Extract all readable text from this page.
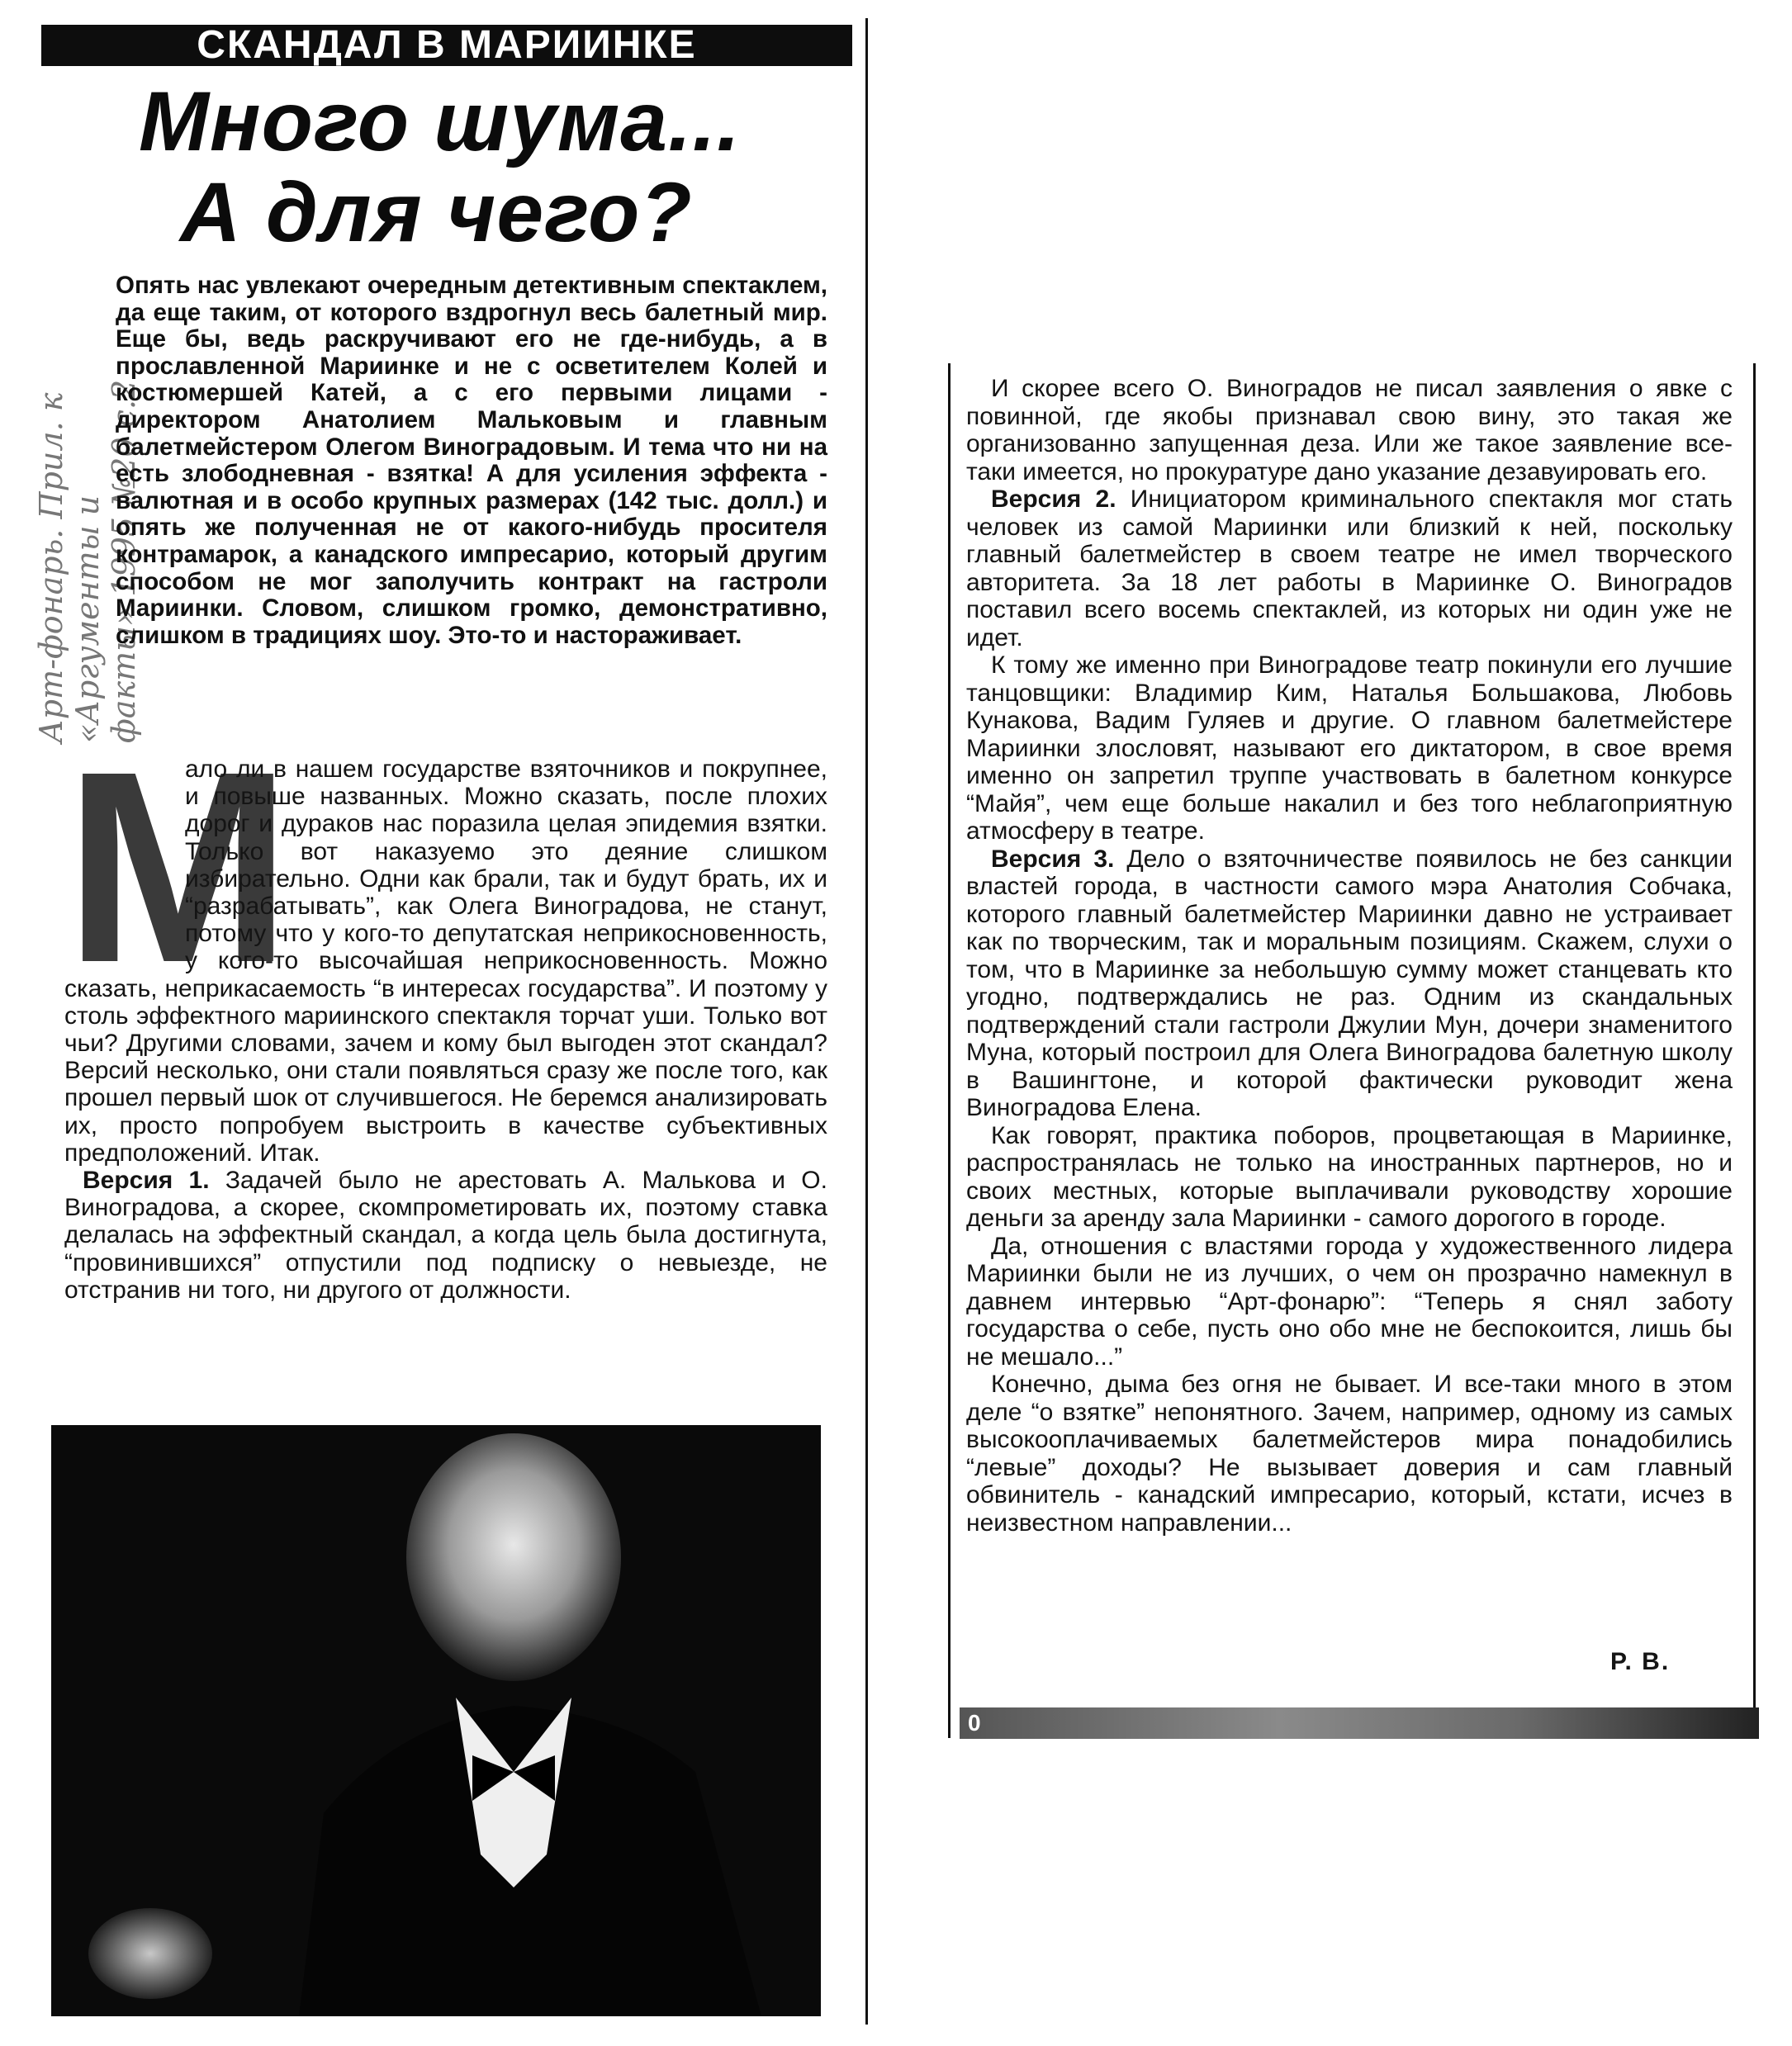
СКАНДАЛ В МАРИИНКЕ
Много шума...
А для чего?
Арт-фонарь. Прил. к «Аргументы и факты» 1995 №20 с.2

Опять нас увлекают очередным детективным спектаклем, да еще таким, от которого вздрогнул весь балетный мир. Еще бы, ведь раскручивают его не где-нибудь, а в прославленной Мариинке и не с осветителем Колей и костюмершей Катей, а с его первыми лицами - директором Анатолием Мальковым и главным балетмейстером Олегом Виноградовым. И тема что ни на есть злободневная - взятка! А для усиления эффекта - валютная и в особо крупных размерах (142 тыс. долл.) и опять же полученная не от какого-нибудь просителя контрамарок, а канадского импресарио, который другим способом не мог заполучить контракт на гастроли Мариинки. Словом, слишком громко, демонстративно, слишком в традициях шоу. Это-то и настораживает.

М

ало ли в нашем государстве взяточников и покрупнее, и повыше названных. Можно сказать, после плохих дорог и дураков нас поразила целая эпидемия взятки. Только вот наказуемо это деяние слишком избирательно. Одни как брали, так и будут брать, их и “разрабатывать”, как Олега Виноградова, не станут, потому что у кого-то депутатская неприкосновенность, у кого-то высочайшая неприкосновенность. Можно сказать, неприкасаемость “в интересах государства”. И поэтому у столь эффектного мариинского спектакля торчат уши. Только вот чьи? Другими словами, зачем и кому был выгоден этот скандал? Версий несколько, они стали появляться сразу же после того, как прошел первый шок от случившегося. Не беремся анализировать их, просто попробуем выстроить в качестве субъективных предположений. Итак.

Версия 1. Задачей было не арестовать А. Малькова и О. Виноградова, а скорее, скомпрометировать их, поэтому ставка делалась на эффектный скандал, а когда цель была достигнута, “провинившихся” отпустили под подписку о невыезде, не отстранив ни того, ни другого от должности.

И скорее всего О. Виноградов не писал заявления о явке с повинной, где якобы признавал свою вину, это такая же организованно запущенная деза. Или же такое заявление все-таки имеется, но прокуратуре дано указание дезавуировать его.

Версия 2. Инициатором криминального спектакля мог стать человек из самой Мариинки или близкий к ней, поскольку главный балетмейстер в своем театре не имел творческого авторитета. За 18 лет работы в Мариинке О. Виноградов поставил всего восемь спектаклей, из которых ни один уже не идет.

К тому же именно при Виноградове театр покинули его лучшие танцовщики: Владимир Ким, Наталья Большакова, Любовь Кунакова, Вадим Гуляев и другие. О главном балетмейстере Мариинки злословят, называют его диктатором, в свое время именно он запретил труппе участвовать в балетном конкурсе “Майя”, чем еще больше накалил и без того неблагоприятную атмосферу в театре.

Версия 3. Дело о взяточничестве появилось не без санкции властей города, в частности самого мэра Анатолия Собчака, которого главный балетмейстер Мариинки давно не устраивает как по творческим, так и моральным позициям. Скажем, слухи о том, что в Мариинке за небольшую сумму может станцевать кто угодно, подтверждались не раз. Одним из скандальных подтверждений стали гастроли Джулии Мун, дочери знаменитого Муна, который построил для Олега Виноградова балетную школу в Вашингтоне, и которой фактически руководит жена Виноградова Елена.

Как говорят, практика поборов, процветающая в Мариинке, распространялась не только на иностранных партнеров, но и своих местных, которые выплачивали руководству хорошие деньги за аренду зала Мариинки - самого дорогого в городе.

Да, отношения с властями города у художественного лидера Мариинки были не из лучших, о чем он прозрачно намекнул в давнем интервью “Арт-фонарю”: “Теперь я снял заботу государства о себе, пусть оно обо мне не беспокоится, лишь бы не мешало...”

Конечно, дыма без огня не бывает. И все-таки много в этом деле “о взятке” непонятного. Зачем, например, одному из самых высокооплачиваемых балетмейстеров мира понадобились “левые” доходы? Не вызывает доверия и сам главный обвинитель - канадский импресарио, который, кстати, исчез в неизвестном направлении...

Р. В.
0
